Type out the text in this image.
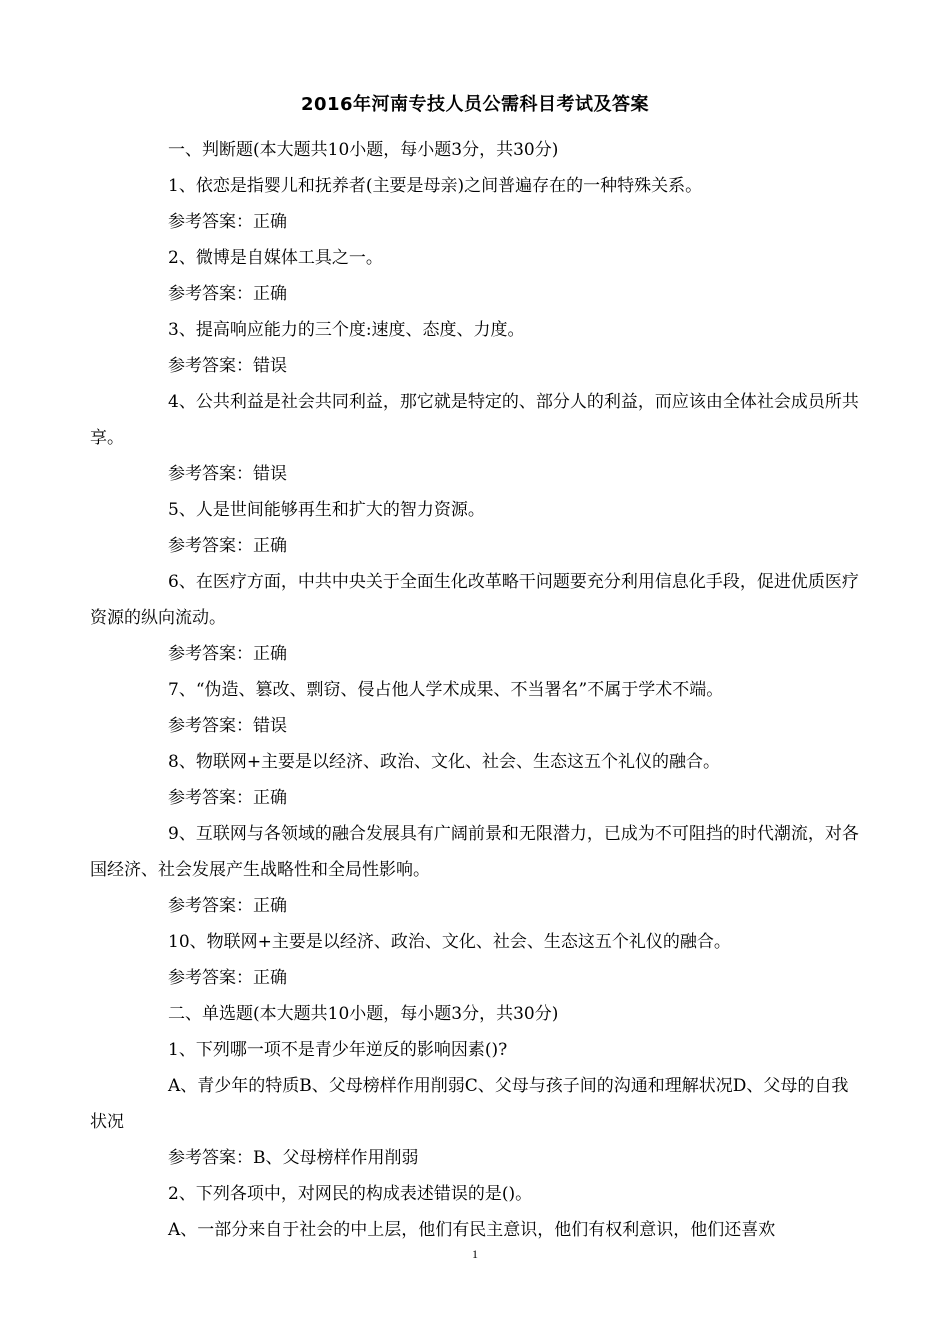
2016年河南专技人员公需科目考试及答案

一、判断题(本大题共10小题，每小题3分，共30分)

1、依恋是指婴儿和抚养者(主要是母亲)之间普遍存在的一种特殊关系。

参考答案：正确

2、微博是自媒体工具之一。

参考答案：正确

3、提高响应能力的三个度:速度、态度、力度。

参考答案：错误

4、公共利益是社会共同利益，那它就是特定的、部分人的利益，而应该由全体社会成员所共享。

参考答案：错误

5、人是世间能够再生和扩大的智力资源。

参考答案：正确

6、在医疗方面，中共中央关于全面生化改革略干问题要充分利用信息化手段，促进优质医疗资源的纵向流动。

参考答案：正确

7、“伪造、篡改、剽窃、侵占他人学术成果、不当署名”不属于学术不端。

参考答案：错误

8、物联网+主要是以经济、政治、文化、社会、生态这五个礼仪的融合。

参考答案：正确

9、互联网与各领域的融合发展具有广阔前景和无限潜力，已成为不可阻挡的时代潮流，对各国经济、社会发展产生战略性和全局性影响。

参考答案：正确

10、物联网+主要是以经济、政治、文化、社会、生态这五个礼仪的融合。

参考答案：正确

二、单选题(本大题共10小题，每小题3分，共30分)

1、下列哪一项不是青少年逆反的影响因素()?

A、青少年的特质B、父母榜样作用削弱C、父母与孩子间的沟通和理解状况D、父母的自我状况

参考答案：B、父母榜样作用削弱

2、下列各项中，对网民的构成表述错误的是()。

A、一部分来自于社会的中上层，他们有民主意识，他们有权利意识，他们还喜欢

1
